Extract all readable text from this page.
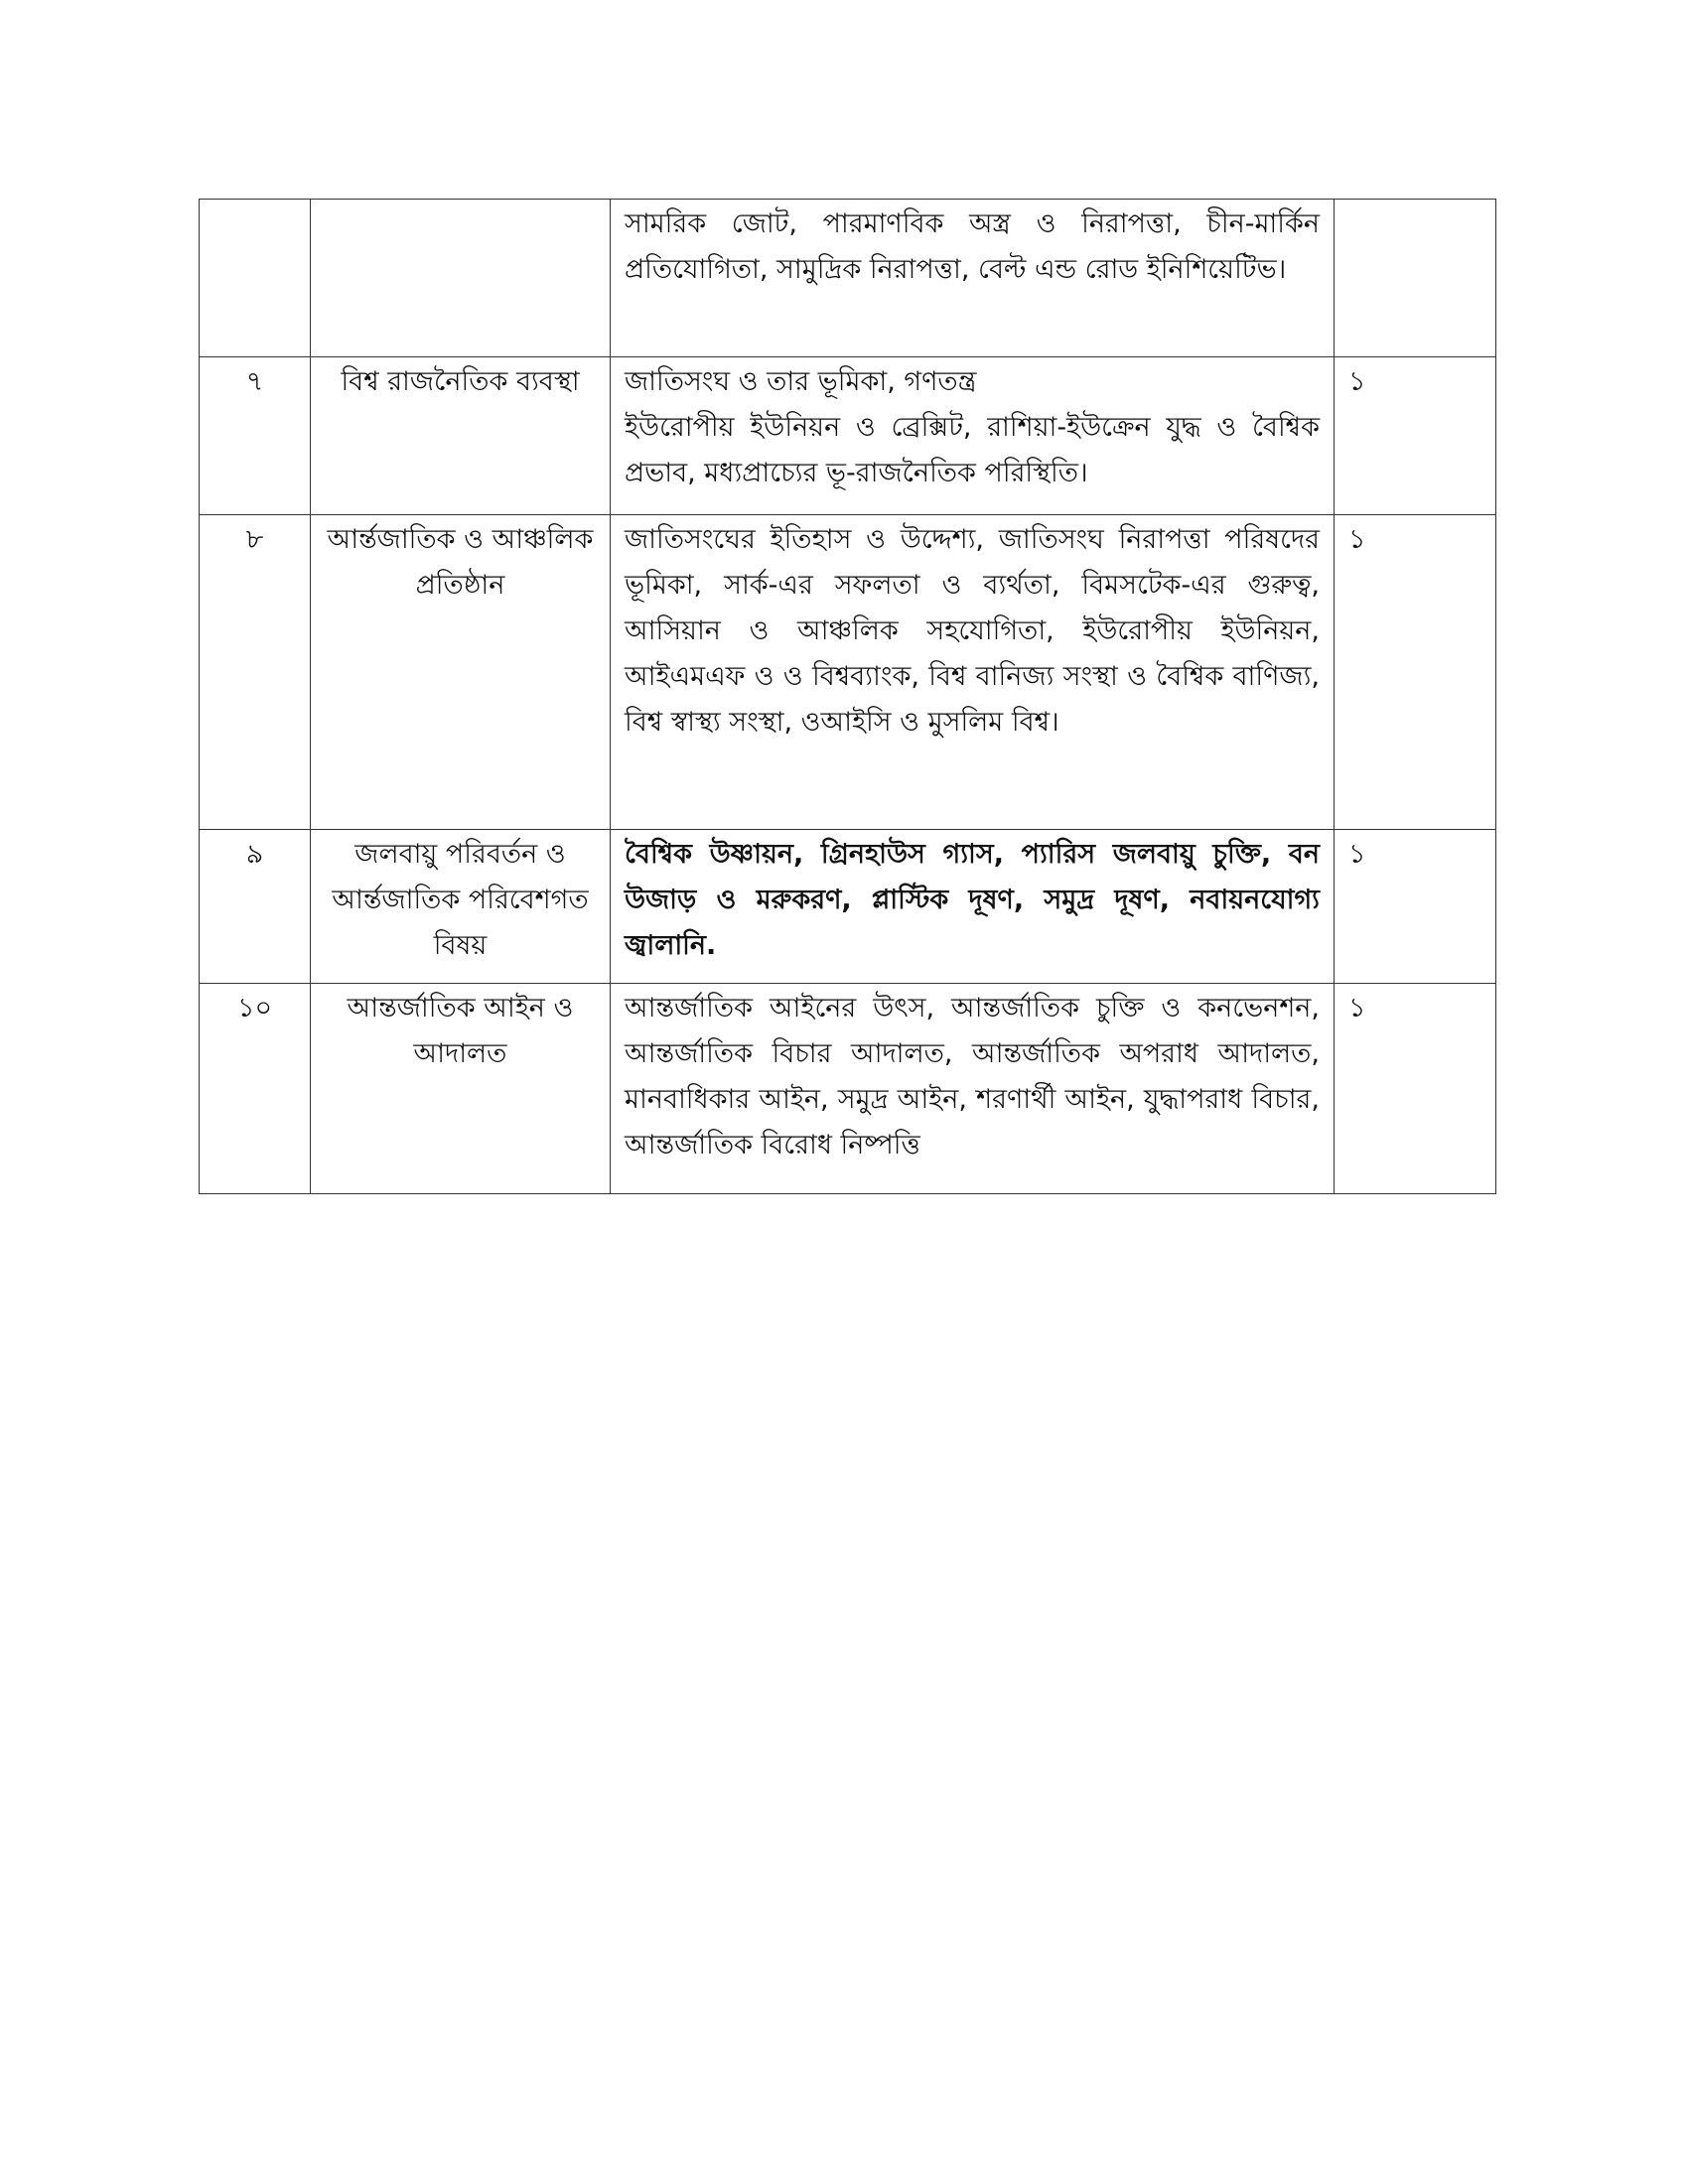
		সামরিক জোট, পারমাণবিক অস্ত্র ও নিরাপত্তা, চীন-মার্কিন প্রতিযোগিতা, সামুদ্রিক নিরাপত্তা, বেল্ট এন্ড রোড ইনিশিয়েটিভ।	

৭	বিশ্ব রাজনৈতিক ব্যবস্থা	জাতিসংঘ ও তার ভূমিকা, গণতন্ত্র
ইউরোপীয় ইউনিয়ন ও ব্রেক্সিট, রাশিয়া-ইউক্রেন যুদ্ধ ও বৈশ্বিক প্রভাব, মধ্যপ্রাচ্যের ভূ-রাজনৈতিক পরিস্থিতি।	১

৮	আর্ন্তজাতিক ও আঞ্চলিক প্রতিষ্ঠান	জাতিসংঘের ইতিহাস ও উদ্দেশ্য, জাতিসংঘ নিরাপত্তা পরিষদের ভূমিকা, সার্ক-এর সফলতা ও ব্যর্থতা, বিমসটেক-এর গুরুত্ব, আসিয়ান ও আঞ্চলিক সহযোগিতা, ইউরোপীয় ইউনিয়ন, আইএমএফ ও ও বিশ্বব্যাংক, বিশ্ব বানিজ্য সংস্থা ও বৈশ্বিক বাণিজ্য, বিশ্ব স্বাস্থ্য সংস্থা, ওআইসি ও মুসলিম বিশ্ব।	১

৯	জলবায়ু পরিবর্তন ও আর্ন্তজাতিক পরিবেশগত বিষয়	বৈশ্বিক উষ্ণায়ন, গ্রিনহাউস গ্যাস, প্যারিস জলবায়ু চুক্তি, বন উজাড় ও মরুকরণ, প্লাস্টিক দূষণ, সমুদ্র দূষণ, নবায়নযোগ্য জ্বালানি.	১

১০	আন্তর্জাতিক আইন ও আদালত	আন্তর্জাতিক আইনের উৎস, আন্তর্জাতিক চুক্তি ও কনভেনশন, আন্তর্জাতিক বিচার আদালত, আন্তর্জাতিক অপরাধ আদালত, মানবাধিকার আইন, সমুদ্র আইন, শরণার্থী আইন, যুদ্ধাপরাধ বিচার, আন্তর্জাতিক বিরোধ নিষ্পত্তি	১
